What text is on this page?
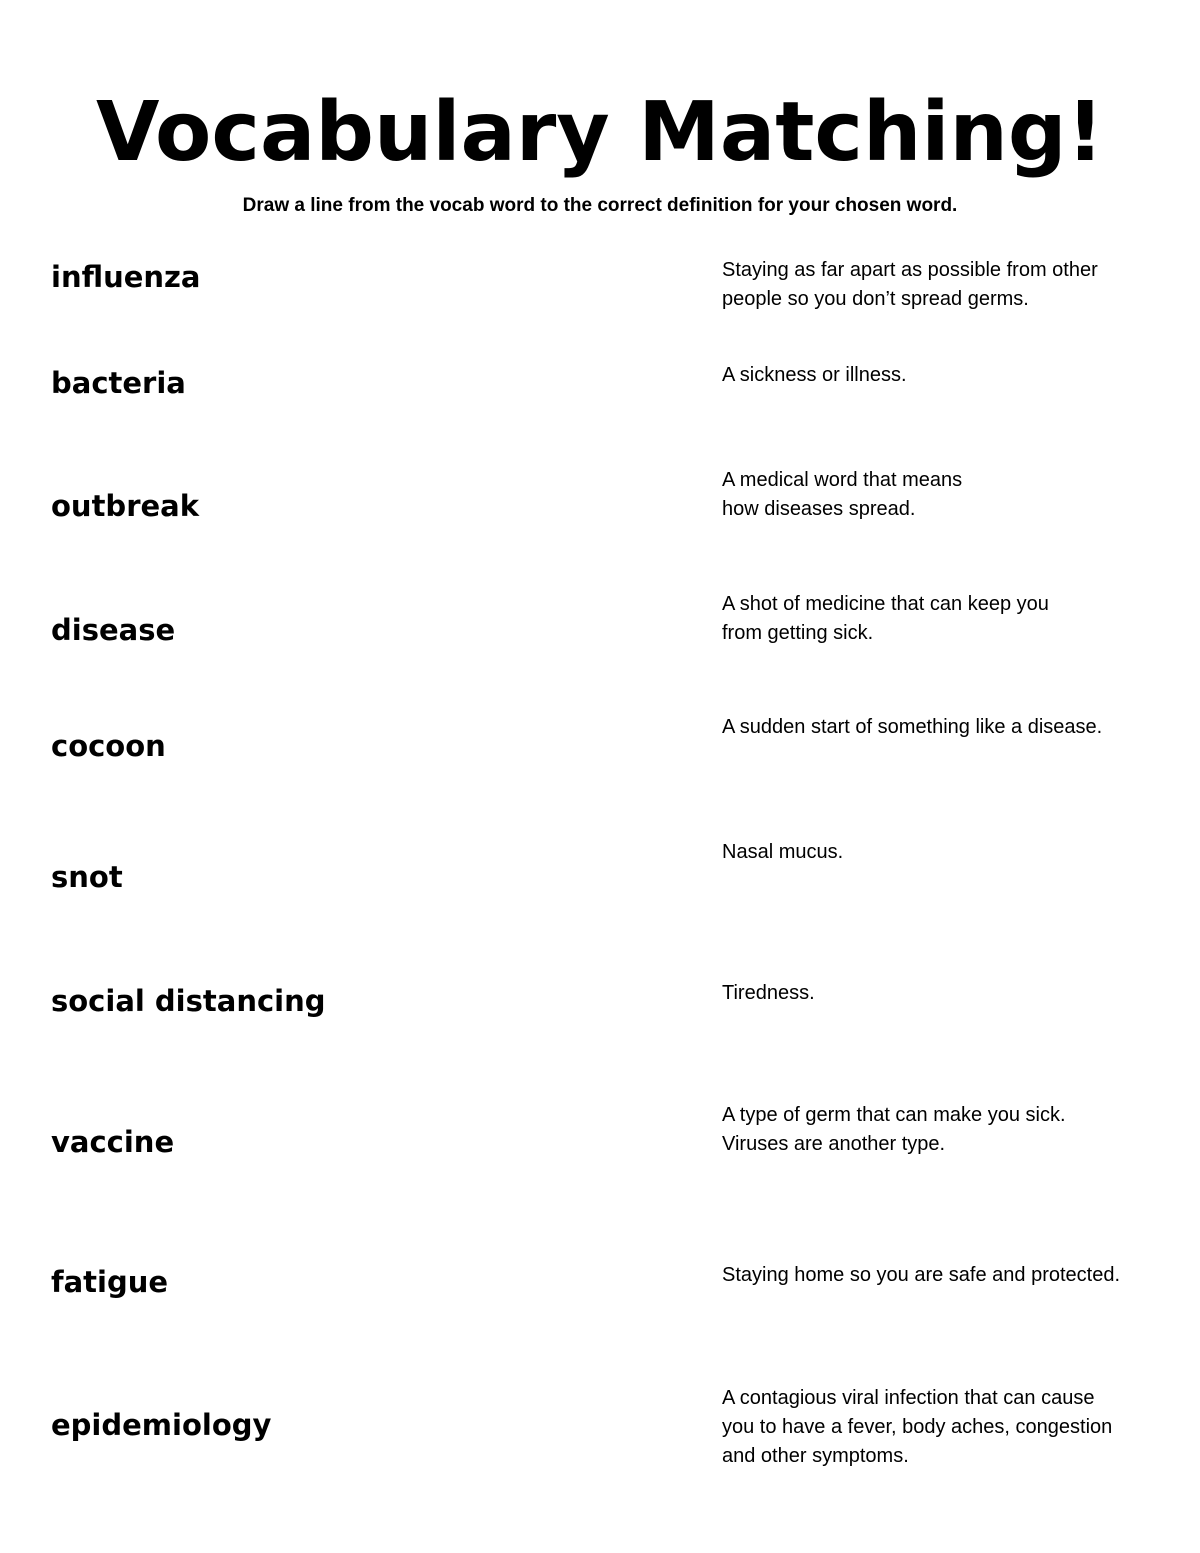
Vocabulary Matching!
Draw a line from the vocab word to the correct definition for your chosen word.
influenza
bacteria
outbreak
disease
cocoon
snot
social distancing
vaccine
fatigue
epidemiology
Staying as far apart as possible from other
people so you don’t spread germs.
A sickness or illness.
A medical word that means
how diseases spread.
A shot of medicine that can keep you
from getting sick.
A sudden start of something like a disease.
Nasal mucus.
Tiredness.
A type of germ that can make you sick.
Viruses are another type.
Staying home so you are safe and protected.
A contagious viral infection that can cause
you to have a fever, body aches, congestion
and other symptoms.
